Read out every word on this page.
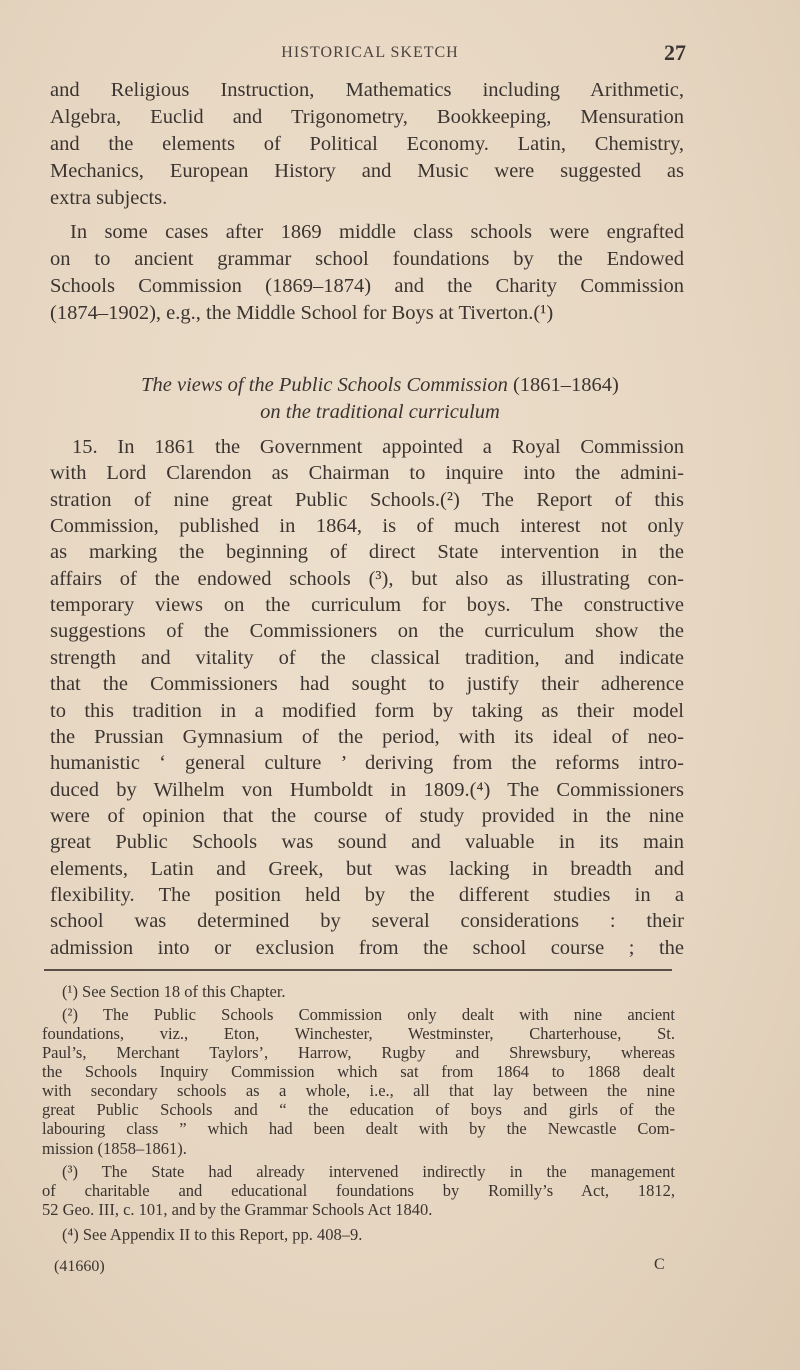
HISTORICAL SKETCH	27
and Religious Instruction, Mathematics including Arithmetic,
Algebra, Euclid and Trigonometry, Bookkeeping, Mensuration
and the elements of Political Economy. Latin, Chemistry,
Mechanics, European History and Music were suggested as
extra subjects.
In some cases after 1869 middle class schools were engrafted
on to ancient grammar school foundations by the Endowed
Schools Commission (1869–1874) and the Charity Commission
(1874–1902), e.g., the Middle School for Boys at Tiverton.(¹)
15. In 1861 the Government appointed a Royal Commission
with Lord Clarendon as Chairman to inquire into the admini-
stration of nine great Public Schools.(²) The Report of this
Commission, published in 1864, is of much interest not only
as marking the beginning of direct State intervention in the
affairs of the endowed schools (³), but also as illustrating con-
temporary views on the curriculum for boys. The constructive
suggestions of the Commissioners on the curriculum show the
strength and vitality of the classical tradition, and indicate
that the Commissioners had sought to justify their adherence
to this tradition in a modified form by taking as their model
the Prussian Gymnasium of the period, with its ideal of neo-
humanistic ‘ general culture ’ deriving from the reforms intro-
duced by Wilhelm von Humboldt in 1809.(⁴) The Commissioners
were of opinion that the course of study provided in the nine
great Public Schools was sound and valuable in its main
elements, Latin and Greek, but was lacking in breadth and
flexibility. The position held by the different studies in a
school was determined by several considerations : their
admission into or exclusion from the school course ; the
The views of the Public Schools Commission (1861–1864)
on the traditional curriculum
(¹) See Section 18 of this Chapter.
(²) The Public Schools Commission only dealt with nine ancient
foundations, viz., Eton, Winchester, Westminster, Charterhouse, St.
Paul’s, Merchant Taylors’, Harrow, Rugby and Shrewsbury, whereas
the Schools Inquiry Commission which sat from 1864 to 1868 dealt
with secondary schools as a whole, i.e., all that lay between the nine
great Public Schools and “ the education of boys and girls of the
labouring class ” which had been dealt with by the Newcastle Com-
mission (1858–1861).
(³) The State had already intervened indirectly in the management
of charitable and educational foundations by Romilly’s Act, 1812,
52 Geo. III, c. 101, and by the Grammar Schools Act 1840.
(⁴) See Appendix II to this Report, pp. 408–9.
(41660)	C
